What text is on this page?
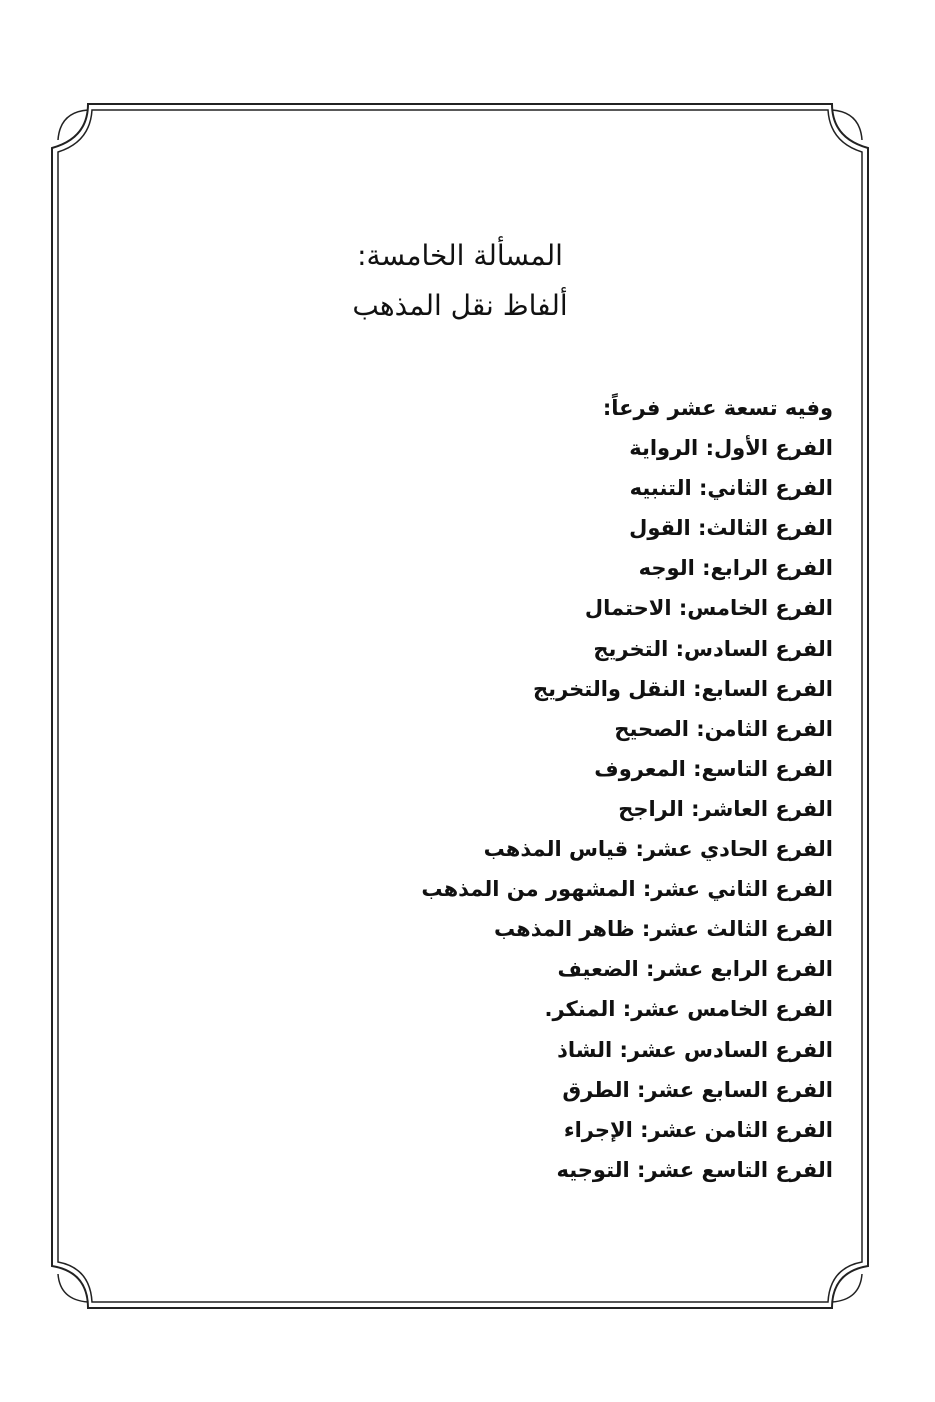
المسألة الخامسة:
ألفاظ نقل المذهب
وفيه تسعة عشر فرعاً:
الفرع الأول: الرواية
الفرع الثاني: التنبيه
الفرع الثالث: القول
الفرع الرابع: الوجه
الفرع الخامس: الاحتمال
الفرع السادس: التخريج
الفرع السابع: النقل والتخريج
الفرع الثامن: الصحيح
الفرع التاسع: المعروف
الفرع العاشر: الراجح
الفرع الحادي عشر: قياس المذهب
الفرع الثاني عشر: المشهور من المذهب
الفرع الثالث عشر: ظاهر المذهب
الفرع الرابع عشر: الضعيف
الفرع الخامس عشر: المنكر.
الفرع السادس عشر: الشاذ
الفرع السابع عشر: الطرق
الفرع الثامن عشر: الإجراء
الفرع التاسع عشر: التوجيه
